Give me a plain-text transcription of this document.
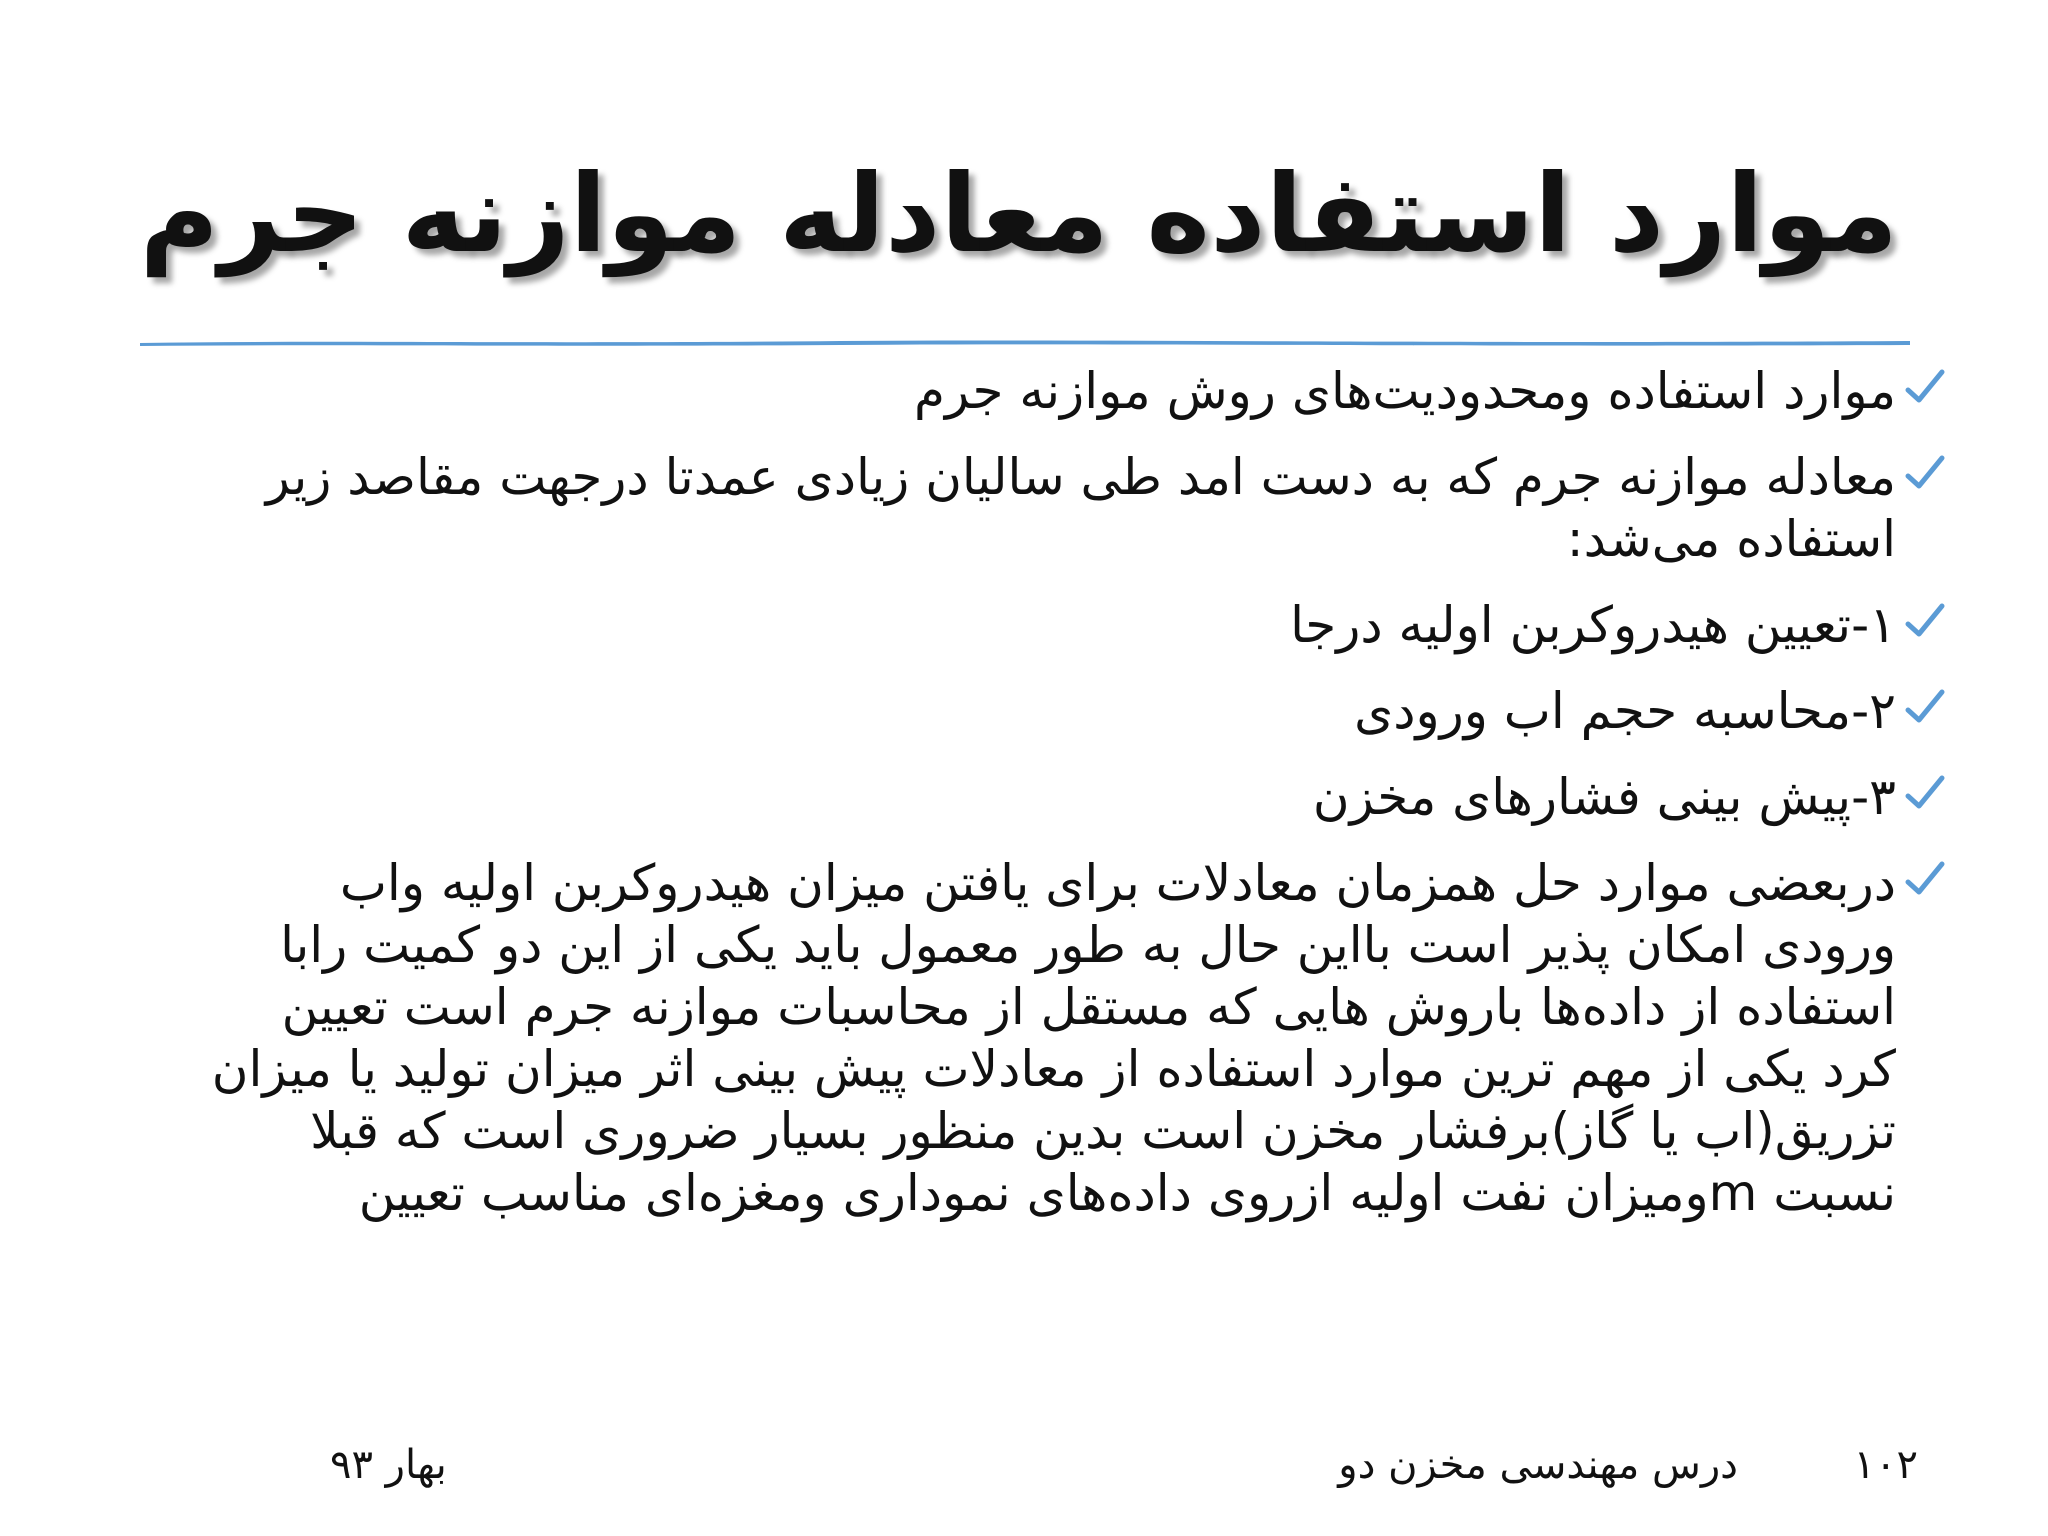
موارد استفاده معادله موازنه جرم
موارد استفاده ومحدودیت‌های روش موازنه جرم
معادله موازنه جرم که به دست امد طی سالیان زیادی عمدتا درجهت مقاصد زیر استفاده می‌شد:
۱-تعیین هیدروکربن اولیه درجا
۲-محاسبه حجم اب ورودی
۳-پیش بینی فشارهای مخزن
دربعضی موارد حل همزمان معادلات برای یافتن میزان هیدروکربن اولیه واب ورودی امکان پذیر است بااین حال به طور معمول باید یکی از این دو کمیت رابا استفاده از داده‌ها باروش هایی که مستقل از محاسبات موازنه جرم است تعیین کرد یکی از مهم ترین موارد استفاده از معادلات پیش بینی اثر میزان تولید یا میزان تزریق(اب یا گاز)برفشار مخزن است بدین منظور بسیار ضروری است که قبلا نسبت mومیزان نفت اولیه ازروی داده‌های نموداری ومغزه‌ای مناسب تعیین
۱۰۲
درس مهندسی مخزن دو
بهار ۹۳
